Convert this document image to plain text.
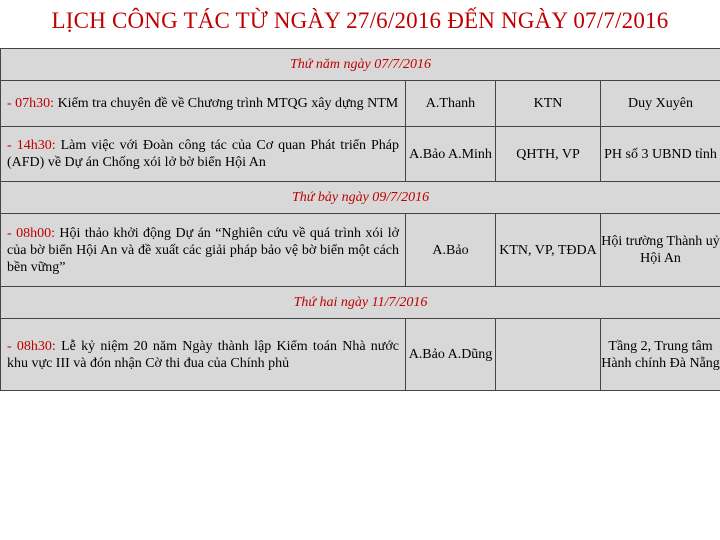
LỊCH CÔNG TÁC TỪ NGÀY 27/6/2016 ĐẾN NGÀY 07/7/2016
Thứ năm ngày 07/7/2016			
- 07h30: Kiểm tra chuyên đề về Chương trình MTQG xây dựng NTM	A.Thanh	KTN	Duy Xuyên
- 14h30: Làm việc với Đoàn công tác của Cơ quan Phát triển Pháp (AFD) về Dự án Chống xói lở bờ biển Hội An	A.Bảo A.Minh	QHTH, VP	PH số 3 UBND tỉnh
Thứ bảy ngày 09/7/2016			
- 08h00: Hội thảo khởi động Dự án “Nghiên cứu về quá trình xói lở của bờ biển Hội An và đề xuất các giải pháp bảo vệ bờ biển một cách bền vững”	A.Bảo	KTN, VP, TĐDA	Hội trường Thành uỷ Hội An
Thứ hai ngày 11/7/2016			
- 08h30: Lễ kỷ niệm 20 năm Ngày thành lập Kiểm toán Nhà nước khu vực III và đón nhận Cờ thi đua của Chính phủ	A.Bảo A.Dũng		Tầng 2, Trung tâm Hành chính Đà Nẵng
